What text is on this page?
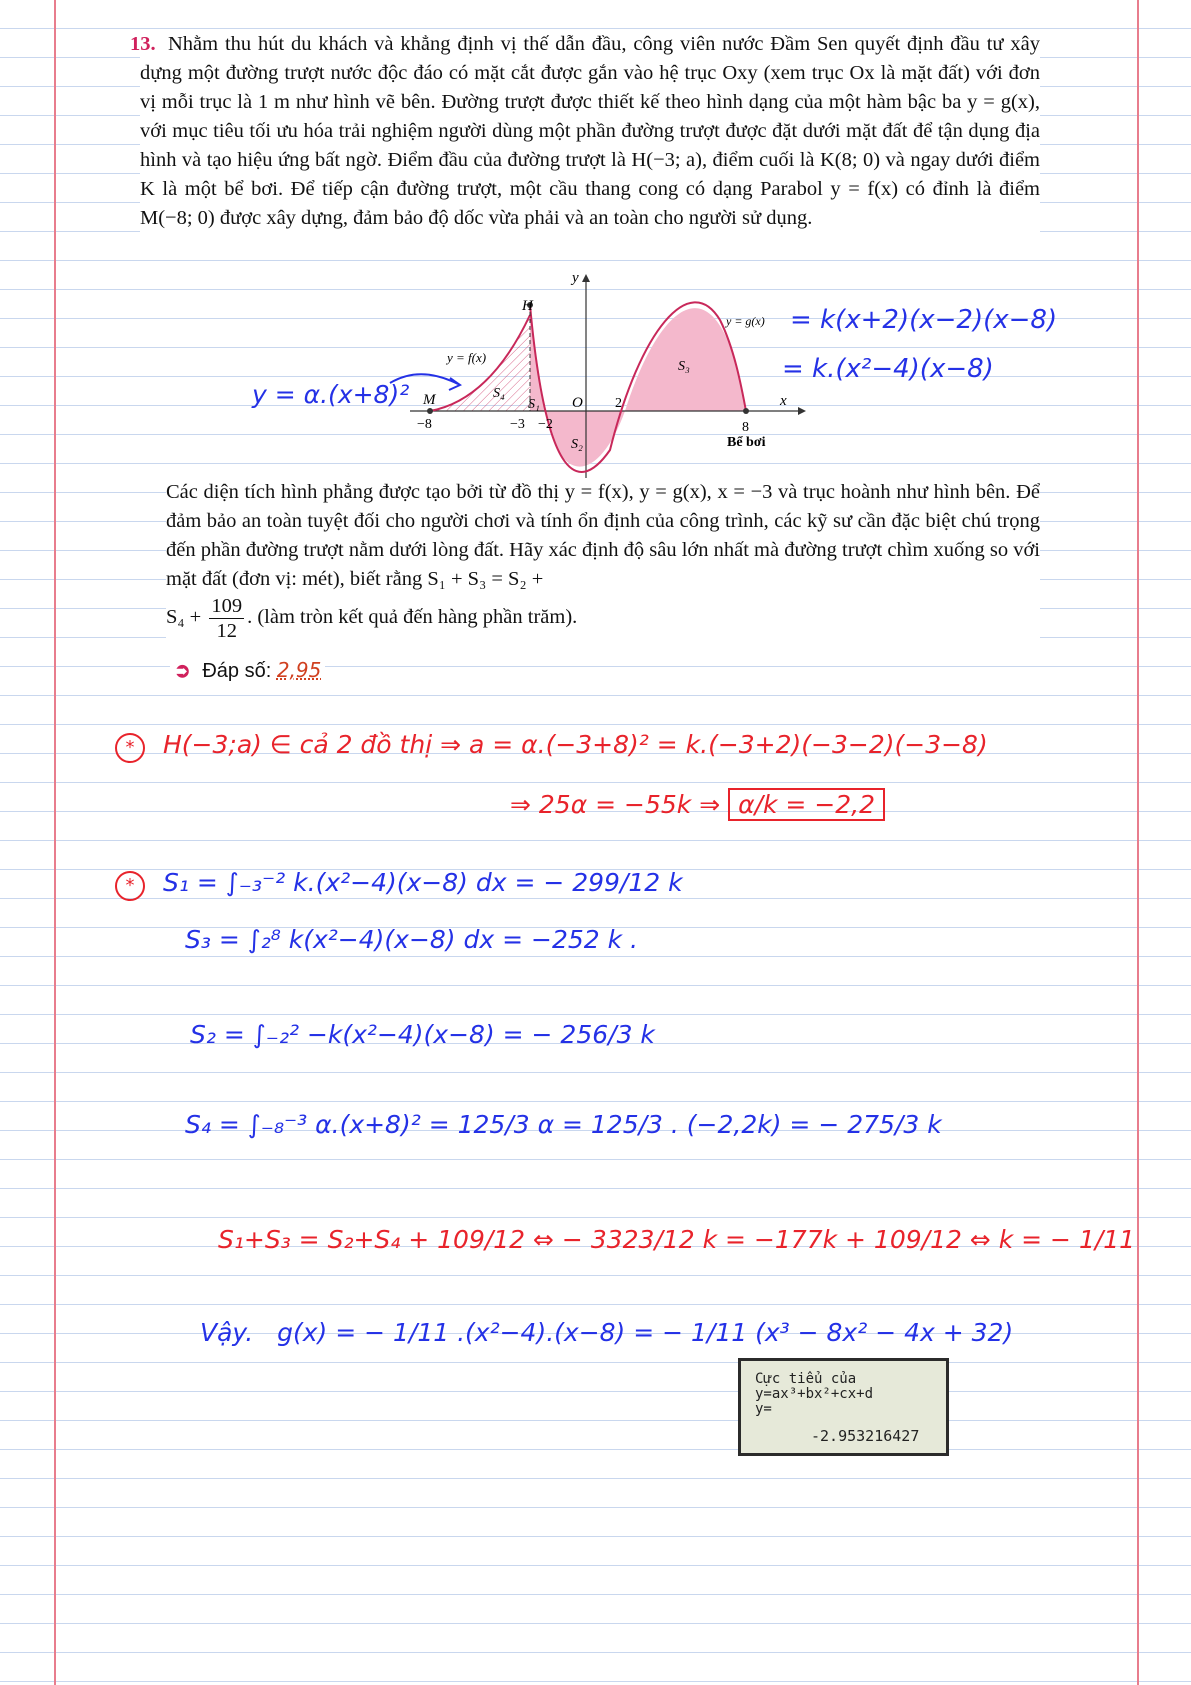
13. Nhằm thu hút du khách và khẳng định vị thế dẫn đầu, công viên nước Đầm Sen quyết định đầu tư xây dựng một đường trượt nước độc đáo có mặt cắt được gắn vào hệ trục Oxy (xem trục Ox là mặt đất) với đơn vị mỗi trục là 1 m như hình vẽ bên. Đường trượt được thiết kế theo hình dạng của một hàm bậc ba y = g(x), với mục tiêu tối ưu hóa trải nghiệm người dùng một phần đường trượt được đặt dưới mặt đất để tận dụng địa hình và tạo hiệu ứng bất ngờ. Điểm đầu của đường trượt là H(−3; a), điểm cuối là K(8; 0) và ngay dưới điểm K là một bể bơi. Để tiếp cận đường trượt, một cầu thang cong có dạng Parabol y = f(x) có đỉnh là điểm M(−8; 0) được xây dựng, đảm bảo độ dốc vừa phải và an toàn cho người sử dụng.

y
x
H
M	O
y = f(x)
y = g(x)
S₁
S₂
S₃
S₄
−8	−3 −2
2
8
Bể bơi
= k(x+2)(x−2)(x−8)
= k.(x²−4)(x−8)
y = α.(x+8)²
Các diện tích hình phẳng được tạo bởi từ đồ thị y = f(x), y = g(x), x = −3 và trục hoành như hình bên. Để đảm bảo an toàn tuyệt đối cho người chơi và tính ổn định của công trình, các kỹ sư cần đặc biệt chú trọng đến phần đường trượt nằm dưới lòng đất. Hãy xác định độ sâu lớn nhất mà đường trượt chìm xuống so với mặt đất (đơn vị: mét), biết rằng S₁ + S₃ = S₂ +
$S_4 + \frac{109}{12}$ . (làm tròn kết quả đến hàng phần trăm).
➲ Đáp số: 2,95
* H(−3;a) ∈ cả 2 đồ thị ⇒ a = α.(−3+8)² = k.(−3+2)(−3−2)(−3−8)
⇒ 25α = −55k ⇒ α/k = −2,2
* S₁ = ∫₋₃⁻² k.(x²−4)(x−8) dx = − 299/12 k
S₃ = ∫₂⁸ k(x²−4)(x−8) dx = −252 k .
S₂ = ∫₋₂² −k(x²−4)(x−8) = − 256/3 k
S₄ = ∫₋₈⁻³ α.(x+8)² = 125/3 α = 125/3 . (−2,2k) = − 275/3 k
S₁+S₃ = S₂+S₄ + 109/12 ⇔ − 3323/12 k = −177k + 109/12 ⇔ k = − 1/11
Vậy. g(x) = − 1/11 .(x²−4).(x−8) = − 1/11 (x³ − 8x² − 4x + 32)
Cực tiểu của
y=ax³+bx²+cx+d
y=
-2.953216427
